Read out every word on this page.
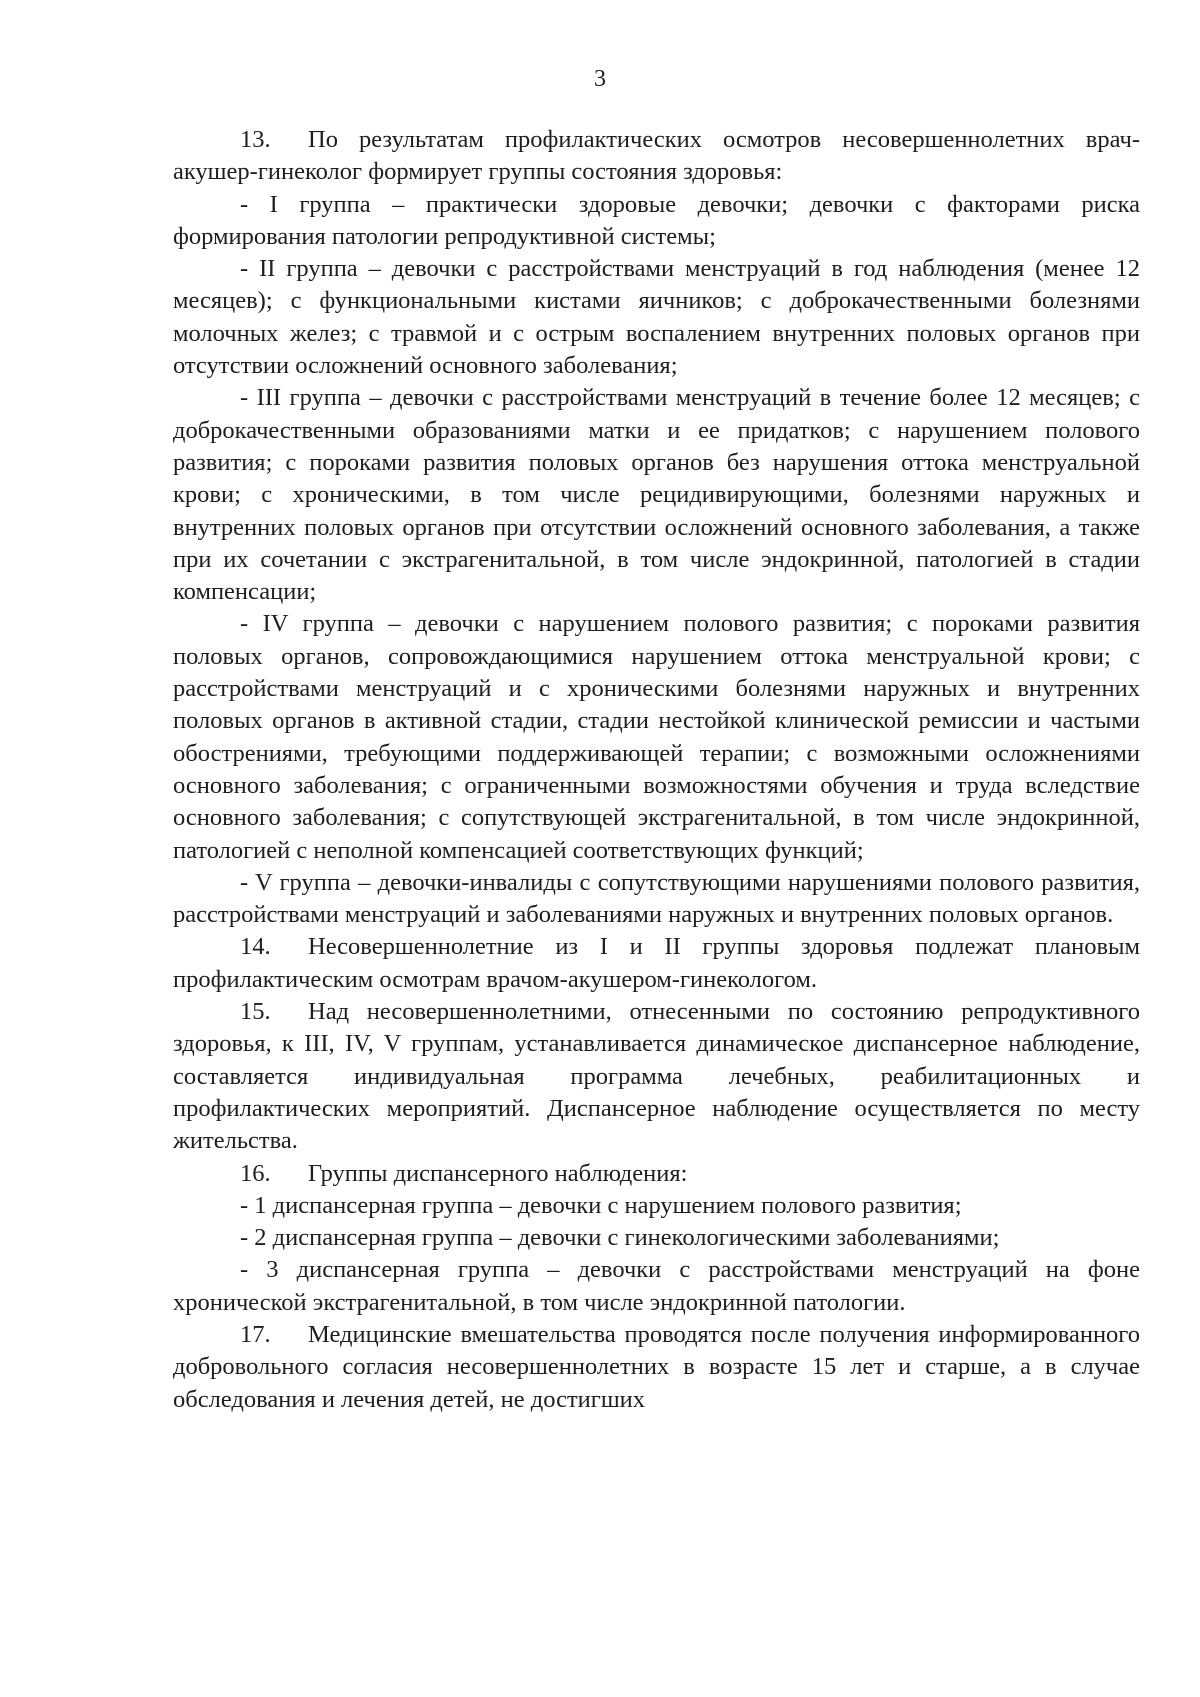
3

13. По результатам профилактических осмотров несовершеннолетних врач-акушер-гинеколог формирует группы состояния здоровья:

- I группа – практически здоровые девочки; девочки с факторами риска формирования патологии репродуктивной системы;

- II группа – девочки с расстройствами менструаций в год наблюдения (менее 12 месяцев); с функциональными кистами яичников; с доброкачественными болезнями молочных желез; с травмой и с острым воспалением внутренних половых органов при отсутствии осложнений основного заболевания;

- III группа – девочки с расстройствами менструаций в течение более 12 месяцев; с доброкачественными образованиями матки и ее придатков; с нарушением полового развития; с пороками развития половых органов без нарушения оттока менструальной крови; с хроническими, в том числе рецидивирующими, болезнями наружных и внутренних половых органов при отсутствии осложнений основного заболевания, а также при их сочетании с экстрагенитальной, в том числе эндокринной, патологией в стадии компенсации;

- IV группа – девочки с нарушением полового развития; с пороками развития половых органов, сопровождающимися нарушением оттока менструальной крови; с расстройствами менструаций и с хроническими болезнями наружных и внутренних половых органов в активной стадии, стадии нестойкой клинической ремиссии и частыми обострениями, требующими поддерживающей терапии; с возможными осложнениями основного заболевания; с ограниченными возможностями обучения и труда вследствие основного заболевания; с сопутствующей экстрагенитальной, в том числе эндокринной, патологией с неполной компенсацией соответствующих функций;

- V группа – девочки-инвалиды с сопутствующими нарушениями полового развития, расстройствами менструаций и заболеваниями наружных и внутренних половых органов.

14. Несовершеннолетние из I и II группы здоровья подлежат плановым профилактическим осмотрам врачом-акушером-гинекологом.

15. Над несовершеннолетними, отнесенными по состоянию репродуктивного здоровья, к III, IV, V группам, устанавливается динамическое диспансерное наблюдение, составляется индивидуальная программа лечебных, реабилитационных и профилактических мероприятий. Диспансерное наблюдение осуществляется по месту жительства.

16. Группы диспансерного наблюдения:

- 1 диспансерная группа – девочки с нарушением полового развития;

- 2 диспансерная группа – девочки с гинекологическими заболеваниями;

- 3 диспансерная группа – девочки с расстройствами менструаций на фоне хронической экстрагенитальной, в том числе эндокринной патологии.

17. Медицинские вмешательства проводятся после получения информированного добровольного согласия несовершеннолетних в возрасте 15 лет и старше, а в случае обследования и лечения детей, не достигших
